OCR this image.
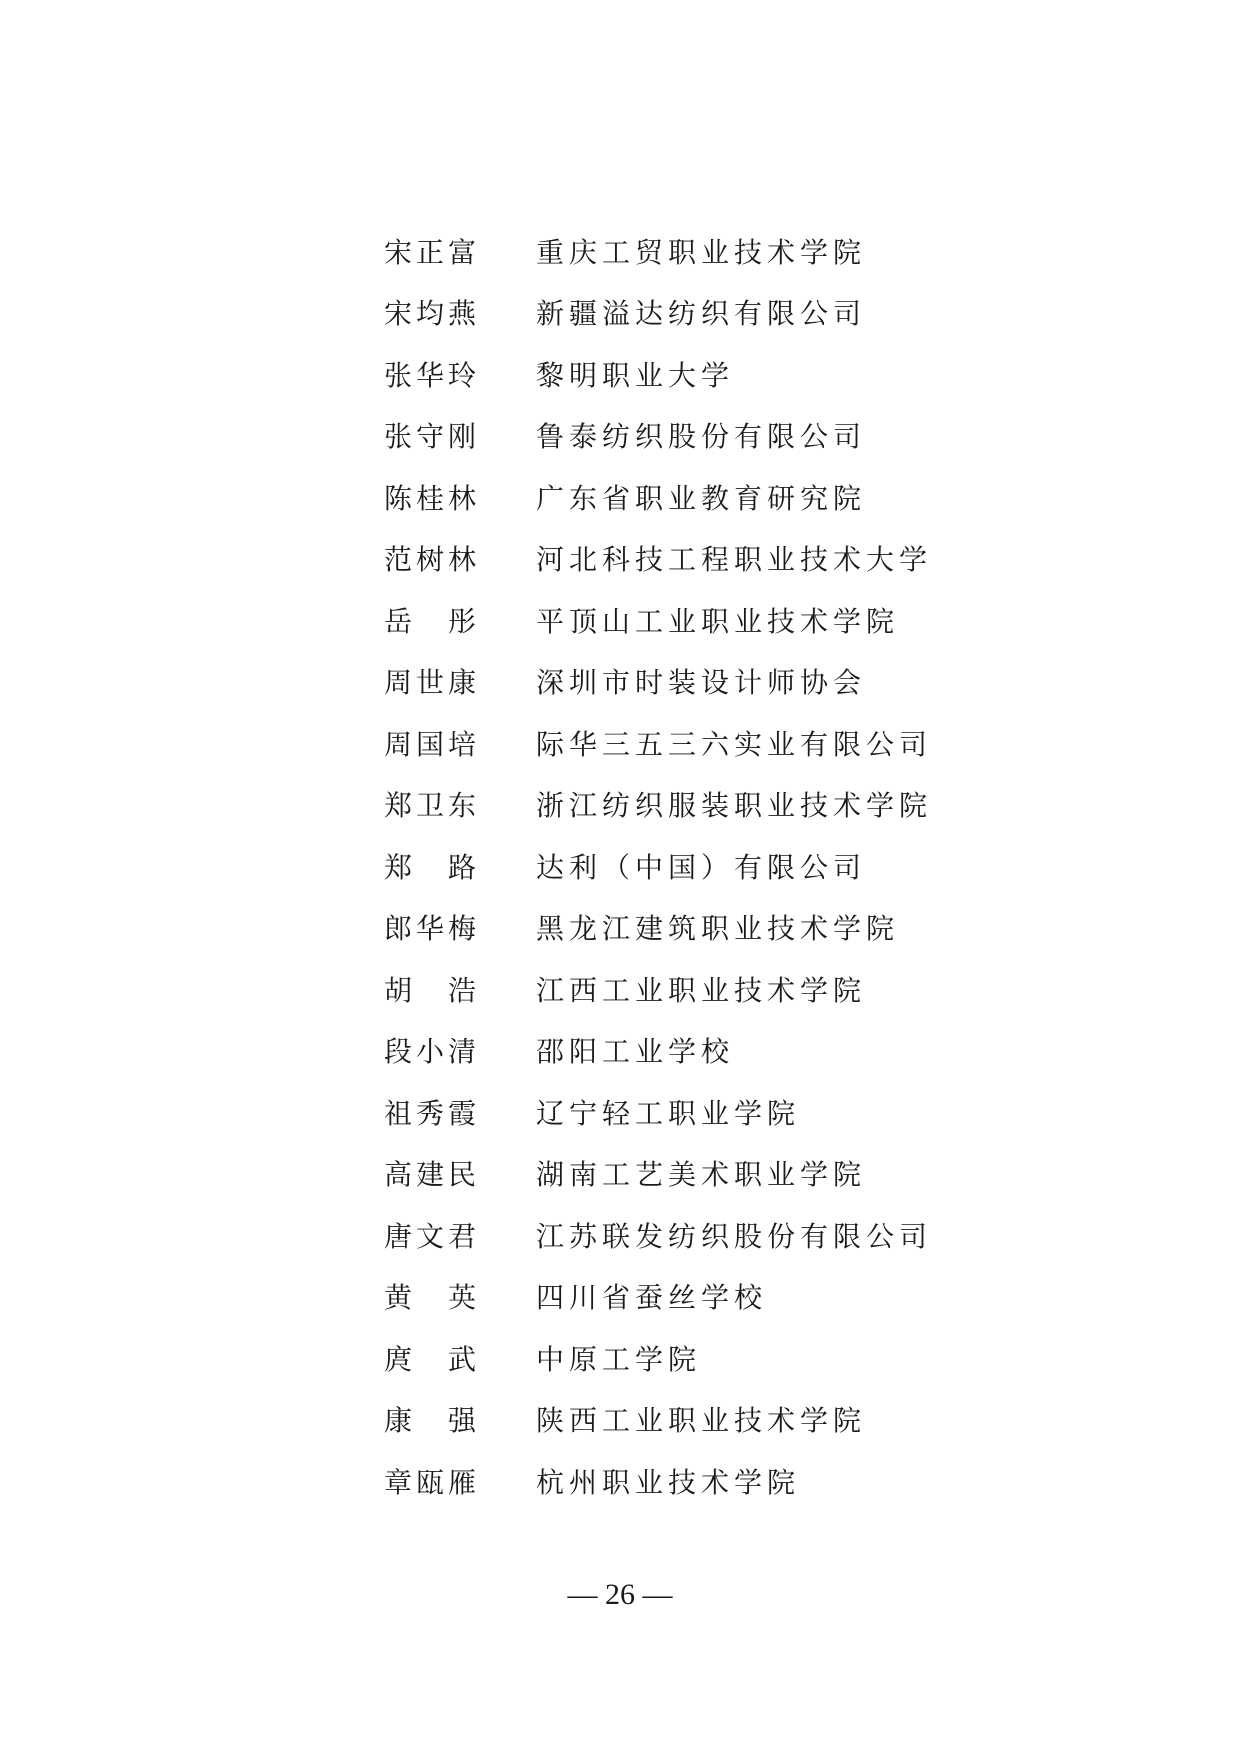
宋正富	重庆工贸职业技术学院
宋均燕	新疆溢达纺织有限公司
张华玲	黎明职业大学
张守刚	鲁泰纺织股份有限公司
陈桂林	广东省职业教育研究院
范树林	河北科技工程职业技术大学
岳　彤	平顶山工业职业技术学院
周世康	深圳市时装设计师协会
周国培	际华三五三六实业有限公司
郑卫东	浙江纺织服装职业技术学院
郑　路	达利（中国）有限公司
郎华梅	黑龙江建筑职业技术学院
胡　浩	江西工业职业技术学院
段小清	邵阳工业学校
祖秀霞	辽宁轻工职业学院
高建民	湖南工艺美术职业学院
唐文君	江苏联发纺织股份有限公司
黄　英	四川省蚕丝学校
庹　武	中原工学院
康　强	陕西工业职业技术学院
章瓯雁	杭州职业技术学院
— 26 —
